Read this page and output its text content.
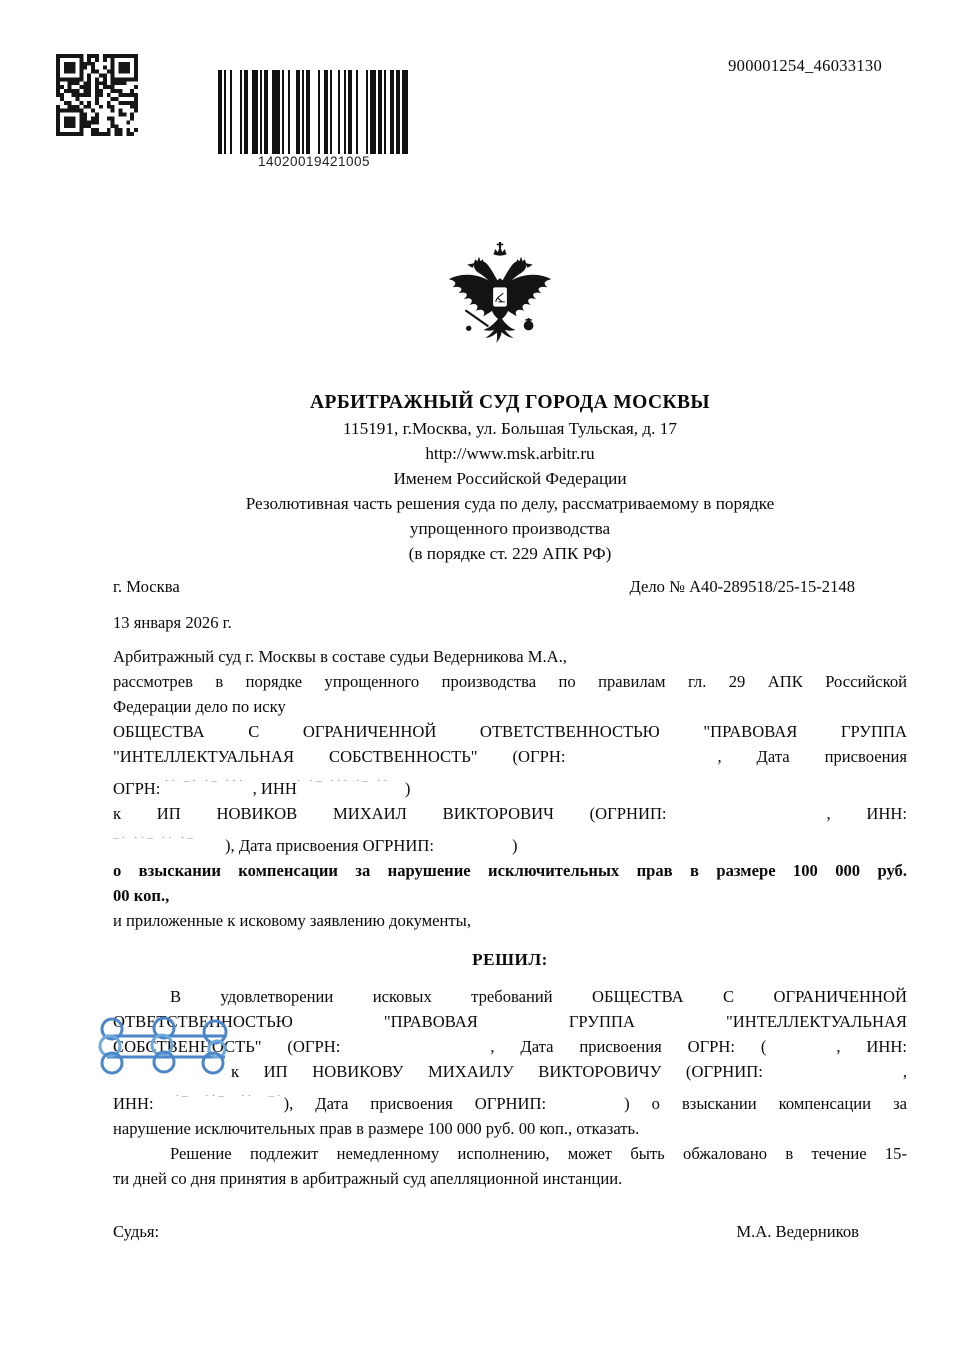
14020019421005
900001254_46033130
АРБИТРАЖНЫЙ СУД ГОРОДА МОСКВЫ
115191, г.Москва, ул. Большая Тульская, д. 17
http://www.msk.arbitr.ru
Именем Российской Федерации
Резолютивная часть решения суда по делу, рассматриваемому в порядке
упрощенного производства
(в порядке ст. 229 АПК РФ)
г. Москва	Дело № А40-289518/25-15-2148
13 января 2026 г.
Арбитражный суд г. Москвы в составе судьи Ведерникова М.А.,
рассмотрев в порядке упрощенного производства по правилам гл. 29 АПК Российской
Федерации дело по иску
ОБЩЕСТВА С ОГРАНИЧЕННОЙ ОТВЕТСТВЕННОСТЬЮ "ПРАВОВАЯ ГРУППА
"ИНТЕЛЛЕКТУАЛЬНАЯ СОБСТВЕННОСТЬ" (ОГРН:	, Дата присвоения
ОГРН: ·· –· ·– ··· , ИНН· ·– ··· ·– ·· )
к ИП НОВИКОВ МИХАИЛ ВИКТОРОВИЧ (ОГРНИП:	, ИНН:
–· ··– ·· ·– ), Дата присвоения ОГРНИП:	)
о взыскании компенсации за нарушение исключительных прав в размере 100 000 руб.
00 коп.,
и приложенные к исковому заявлению документы,
РЕШИЛ:
В удовлетворении исковых требований ОБЩЕСТВА С ОГРАНИЧЕННОЙ
ОТВЕТСТВЕННОСТЬЮ "ПРАВОВАЯ ГРУППА "ИНТЕЛЛЕКТУАЛЬНАЯ
СОБСТВЕННОСТЬ" (ОГРН:	, Дата присвоения ОГРН: (	, ИНН:
к ИП НОВИКОВУ МИХАИЛУ ВИКТОРОВИЧУ (ОГРНИП:	,
ИНН: ·– ··– ·· –·), Дата присвоения ОГРНИП:	) о взыскании компенсации за
нарушение исключительных прав в размере 100 000 руб. 00 коп., отказать.
Решение подлежит немедленному исполнению, может быть обжаловано в течение 15-
ти дней со дня принятия в арбитражный суд апелляционной инстанции.
Судья:	М.А. Ведерников
